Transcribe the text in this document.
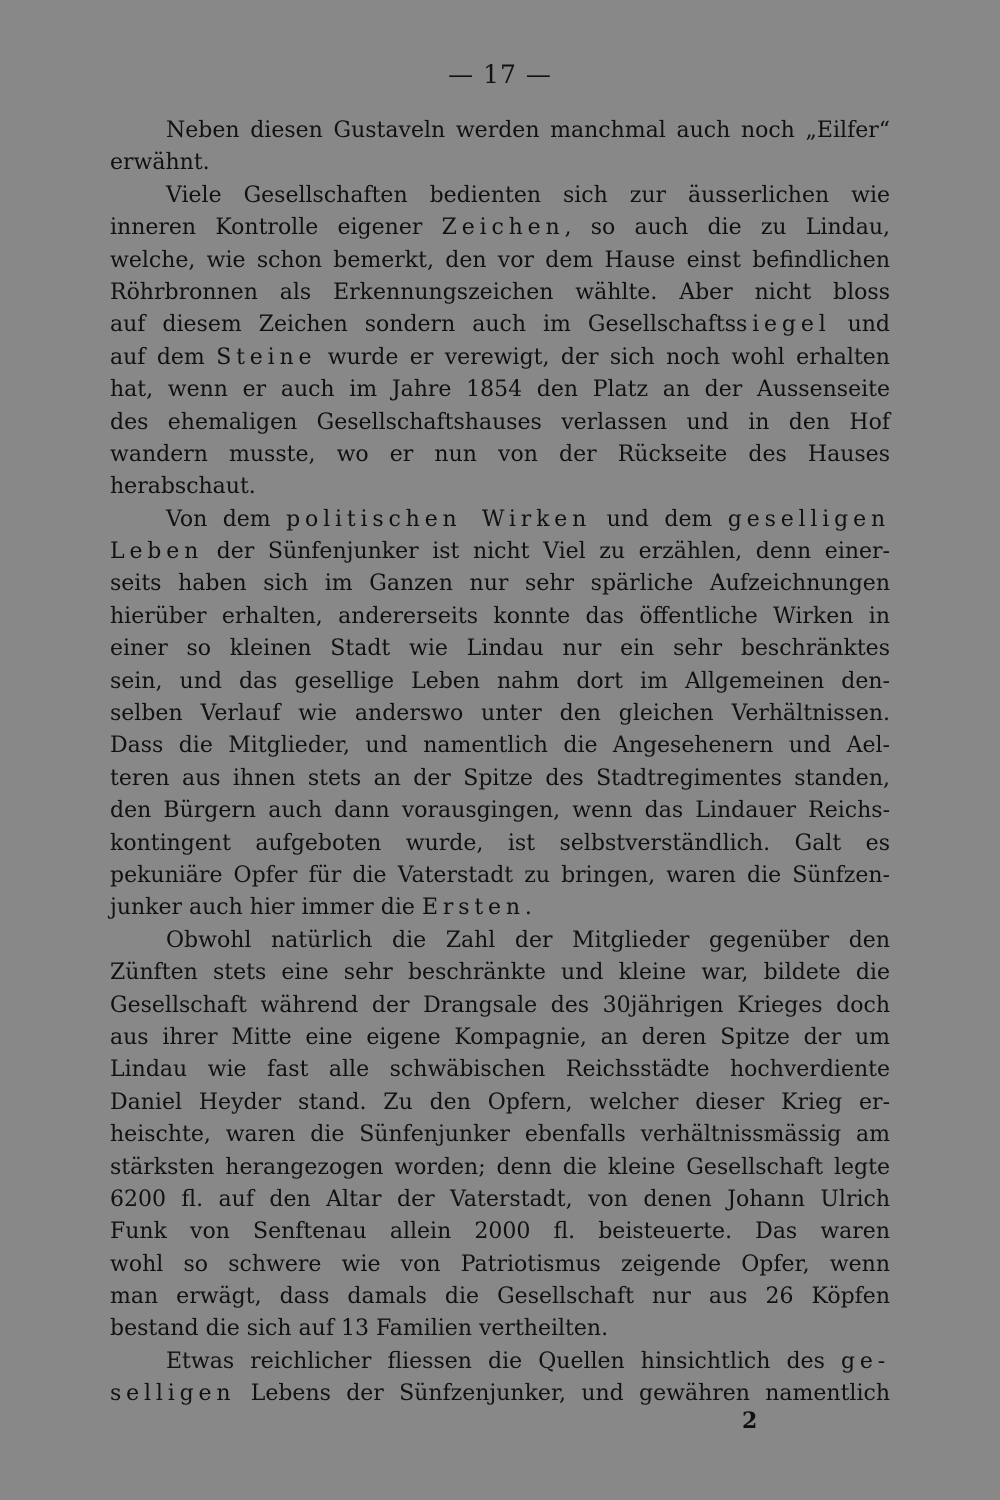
— 17 —
Neben diesen Gustaveln werden manchmal auch noch „Eilfer“
erwähnt.
Viele Gesellschaften bedienten sich zur äusserlichen wie
inneren Kontrolle eigener Zeichen, so auch die zu Lindau,
welche, wie schon bemerkt, den vor dem Hause einst befindlichen
Röhrbronnen als Erkennungszeichen wählte. Aber nicht bloss
auf diesem Zeichen sondern auch im Gesellschaftssiegel und
auf dem Steine wurde er verewigt, der sich noch wohl erhalten
hat, wenn er auch im Jahre 1854 den Platz an der Aussenseite
des ehemaligen Gesellschaftshauses verlassen und in den Hof
wandern musste, wo er nun von der Rückseite des Hauses
herabschaut.
Von dem politischen Wirken und dem geselligen
Leben der Sünfenjunker ist nicht Viel zu erzählen, denn einer-
seits haben sich im Ganzen nur sehr spärliche Aufzeichnungen
hierüber erhalten, andererseits konnte das öffentliche Wirken in
einer so kleinen Stadt wie Lindau nur ein sehr beschränktes
sein, und das gesellige Leben nahm dort im Allgemeinen den-
selben Verlauf wie anderswo unter den gleichen Verhältnissen.
Dass die Mitglieder, und namentlich die Angesehenern und Ael-
teren aus ihnen stets an der Spitze des Stadtregimentes standen,
den Bürgern auch dann vorausgingen, wenn das Lindauer Reichs-
kontingent aufgeboten wurde, ist selbstverständlich. Galt es
pekuniäre Opfer für die Vaterstadt zu bringen, waren die Sünfzen-
junker auch hier immer die Ersten.
Obwohl natürlich die Zahl der Mitglieder gegenüber den
Zünften stets eine sehr beschränkte und kleine war, bildete die
Gesellschaft während der Drangsale des 30jährigen Krieges doch
aus ihrer Mitte eine eigene Kompagnie, an deren Spitze der um
Lindau wie fast alle schwäbischen Reichsstädte hochverdiente
Daniel Heyder stand. Zu den Opfern, welcher dieser Krieg er-
heischte, waren die Sünfenjunker ebenfalls verhältnissmässig am
stärksten herangezogen worden; denn die kleine Gesellschaft legte
6200 fl. auf den Altar der Vaterstadt, von denen Johann Ulrich
Funk von Senftenau allein 2000 fl. beisteuerte. Das waren
wohl so schwere wie von Patriotismus zeigende Opfer, wenn
man erwägt, dass damals die Gesellschaft nur aus 26 Köpfen
bestand die sich auf 13 Familien vertheilten.
Etwas reichlicher fliessen die Quellen hinsichtlich des ge-
selligen Lebens der Sünfzenjunker, und gewähren namentlich
2
